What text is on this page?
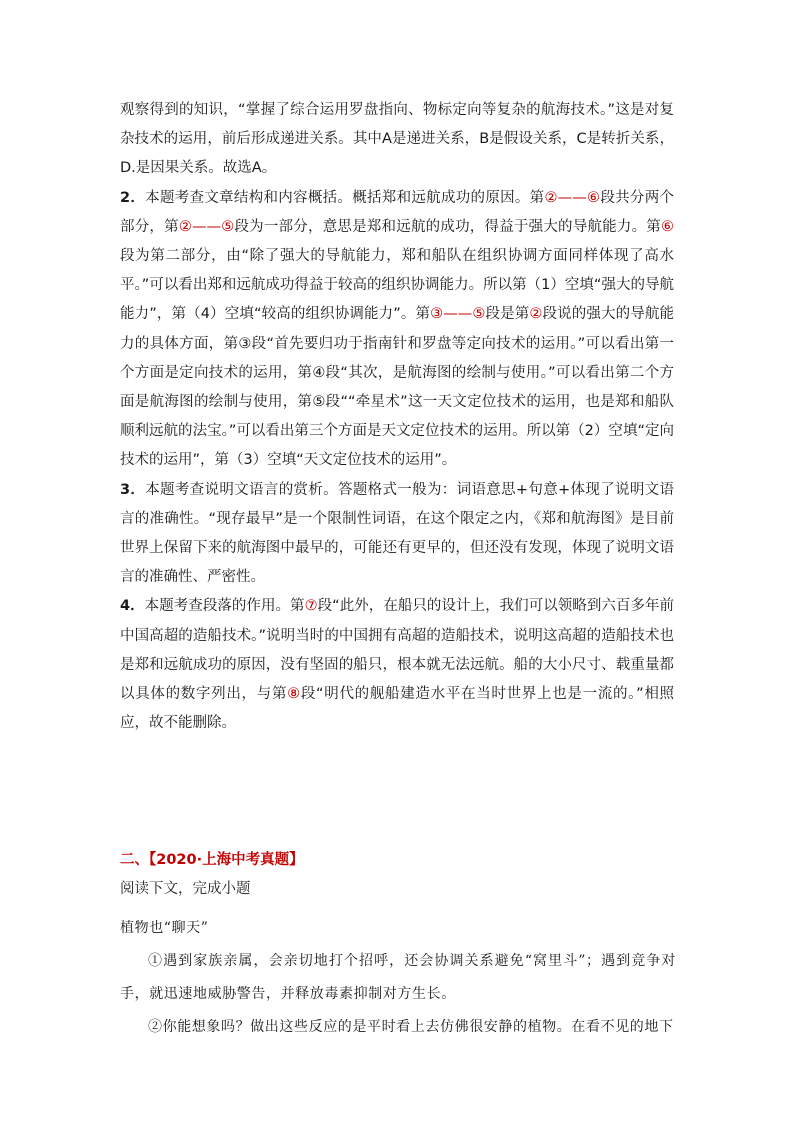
观察得到的知识，“掌握了综合运用罗盘指向、物标定向等复杂的航海技术。”这是对复杂技术的运用，前后形成递进关系。其中A是递进关系，B是假设关系，C是转折关系，D.是因果关系。故选A。

2．本题考查文章结构和内容概括。概括郑和远航成功的原因。第②——⑥段共分两个部分，第②——⑤段为一部分，意思是郑和远航的成功，得益于强大的导航能力。第⑥段为第二部分，由“除了强大的导航能力，郑和船队在组织协调方面同样体现了高水平。”可以看出郑和远航成功得益于较高的组织协调能力。所以第（1）空填“强大的导航能力”，第（4）空填“较高的组织协调能力”。第③——⑤段是第②段说的强大的导航能力的具体方面，第③段“首先要归功于指南针和罗盘等定向技术的运用。”可以看出第一个方面是定向技术的运用，第④段“其次，是航海图的绘制与使用。”可以看出第二个方面是航海图的绘制与使用，第⑤段““牵星术”这一天文定位技术的运用，也是郑和船队顺利远航的法宝。”可以看出第三个方面是天文定位技术的运用。所以第（2）空填“定向技术的运用”，第（3）空填“天文定位技术的运用”。

3．本题考查说明文语言的赏析。答题格式一般为：词语意思+句意+体现了说明文语言的准确性。“现存最早”是一个限制性词语，在这个限定之内，《郑和航海图》是目前世界上保留下来的航海图中最早的，可能还有更早的，但还没有发现，体现了说明文语言的准确性、严密性。

4．本题考查段落的作用。第⑦段“此外，在船只的设计上，我们可以领略到六百多年前中国高超的造船技术。”说明当时的中国拥有高超的造船技术，说明这高超的造船技术也是郑和远航成功的原因，没有坚固的船只，根本就无法远航。船的大小尺寸、载重量都以具体的数字列出，与第⑧段“明代的舰船建造水平在当时世界上也是一流的。”相照应，故不能删除。

二、【2020·上海中考真题】

阅读下文，完成小题

植物也“聊天”

①遇到家族亲属，会亲切地打个招呼，还会协调关系避免“窝里斗”；遇到竞争对手，就迅速地威胁警告，并释放毒素抑制对方生长。

②你能想象吗？做出这些反应的是平时看上去仿佛很安静的植物。在看不见的地下
